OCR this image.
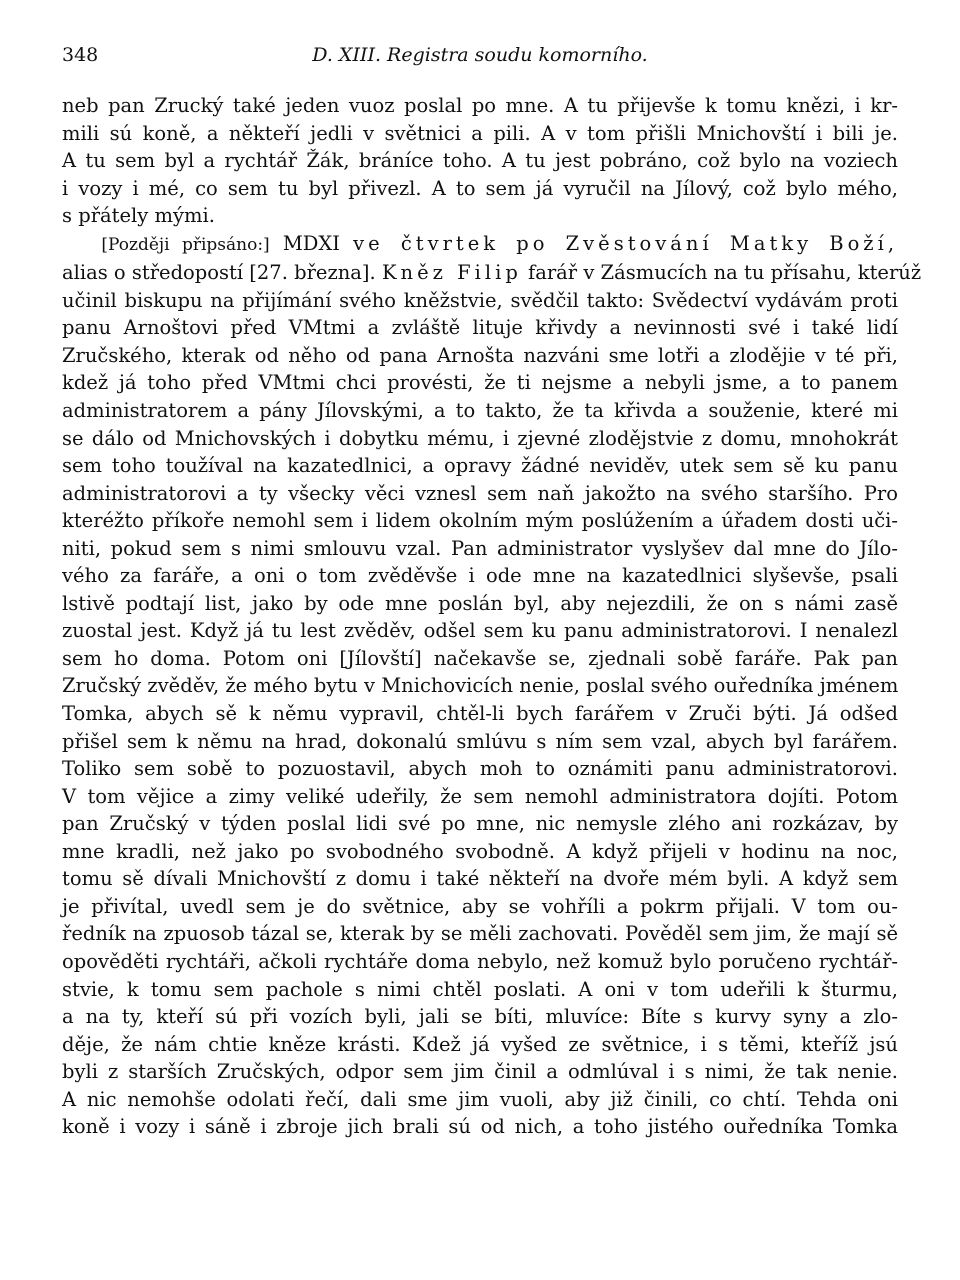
348	D. XIII. Registra soudu komorního.
neb pan Zrucký také jeden vuoz poslal po mne. A tu přijevše k tomu knězi, i kr-
mili sú koně, a někteří jedli v světnici a pili. A v tom přišli Mnichovští i bili je.
A tu sem byl a rychtář Žák, bráníce toho. A tu jest pobráno, což bylo na voziech
i vozy i mé, co sem tu byl přivezl. A to sem já vyručil na Jílový, což bylo mého,
s přátely mými.
[Později připsáno:] MDXI ve čtvrtek po Zvěstování Matky Boží,
alias o středopostí [27. března]. Kněz Filip farář v Zásmucích na tu přísahu, kterúž
učinil biskupu na přijímání svého kněžstvie, svědčil takto: Svědectví vydávám proti
panu Arnoštovi před VMtmi a zvláště lituje křivdy a nevinnosti své i také lidí
Zručského, kterak od něho od pana Arnošta nazváni sme lotři a zlodějie v té při,
kdež já toho před VMtmi chci provésti, že ti nejsme a nebyli jsme, a to panem
administratorem a pány Jílovskými, a to takto, že ta křivda a souženie, které mi
se dálo od Mnichovských i dobytku mému, i zjevné zlodějstvie z domu, mnohokrát
sem toho toužíval na kazatedlnici, a opravy žádné neviděv, utek sem sě ku panu
administratorovi a ty všecky věci vznesl sem naň jakožto na svého staršího. Pro
kteréžto příkoře nemohl sem i lidem okolním mým poslúžením a úřadem dosti uči-
niti, pokud sem s nimi smlouvu vzal. Pan administrator vyslyšev dal mne do Jílo-
vého za faráře, a oni o tom zvěděvše i ode mne na kazatedlnici slyševše, psali
lstivě podtají list, jako by ode mne poslán byl, aby nejezdili, že on s námi zasě
zuostal jest. Když já tu lest zvěděv, odšel sem ku panu administratorovi. I nenalezl
sem ho doma. Potom oni [Jílovští] načekavše se, zjednali sobě faráře. Pak pan
Zručský zvěděv, že mého bytu v Mnichovicích nenie, poslal svého ouředníka jménem
Tomka, abych sě k němu vypravil, chtěl-li bych farářem v Zruči býti. Já odšed
přišel sem k němu na hrad, dokonalú smlúvu s ním sem vzal, abych byl farářem.
Toliko sem sobě to pozuostavil, abych moh to oznámiti panu administratorovi.
V tom vějice a zimy veliké udeřily, že sem nemohl administratora dojíti. Potom
pan Zručský v týden poslal lidi své po mne, nic nemysle zlého ani rozkázav, by
mne kradli, než jako po svobodného svobodně. A když přijeli v hodinu na noc,
tomu sě dívali Mnichovští z domu i také někteří na dvoře mém byli. A když sem
je přivítal, uvedl sem je do světnice, aby se vohříli a pokrm přijali. V tom ou-
ředník na zpuosob tázal se, kterak by se měli zachovati. Pověděl sem jim, že mají sě
opověděti rychtáři, ačkoli rychtáře doma nebylo, než komuž bylo poručeno rychtář-
stvie, k tomu sem pachole s nimi chtěl poslati. A oni v tom udeřili k šturmu,
a na ty, kteří sú při vozích byli, jali se bíti, mluvíce: Bíte s kurvy syny a zlo-
děje, že nám chtie kněze krásti. Kdež já vyšed ze světnice, i s těmi, kteříž jsú
byli z starších Zručských, odpor sem jim činil a odmlúval i s nimi, že tak nenie.
A nic nemohše odolati řečí, dali sme jim vuoli, aby již činili, co chtí. Tehda oni
koně i vozy i sáně i zbroje jich brali sú od nich, a toho jistého ouředníka Tomka
